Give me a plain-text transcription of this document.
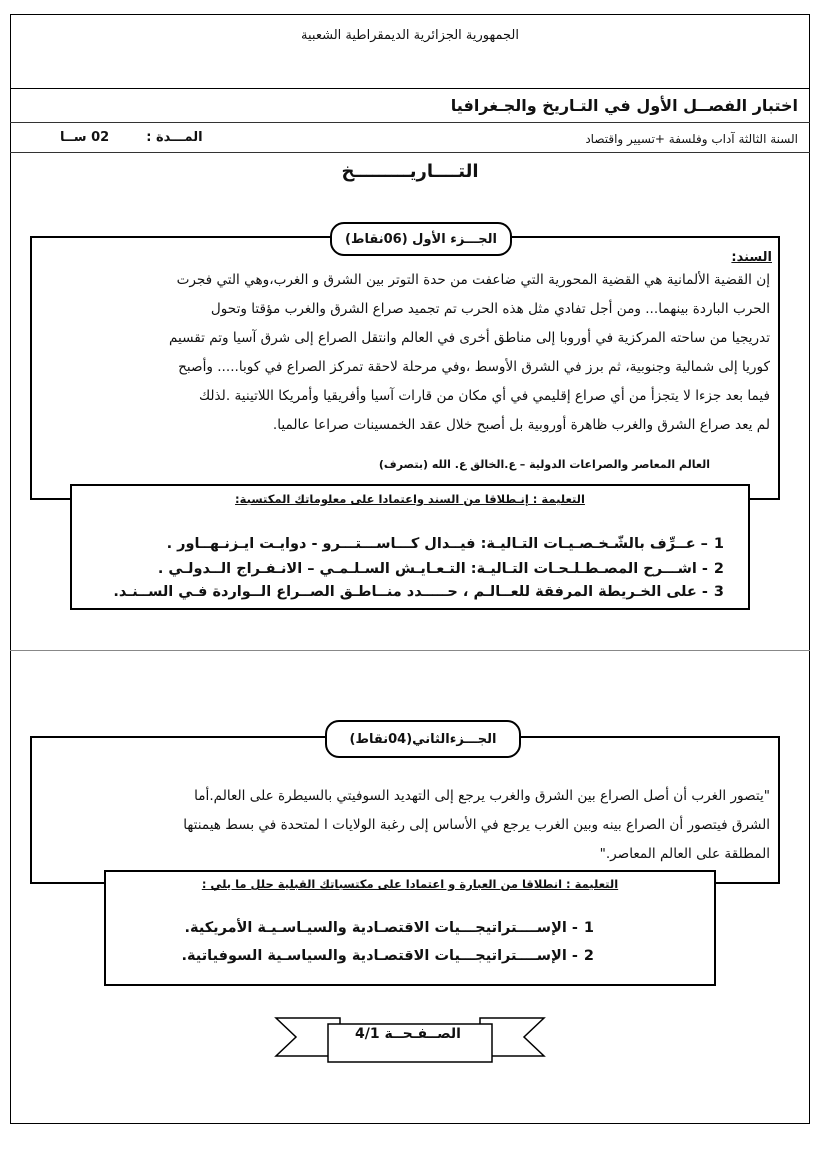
الجمهورية الجزائرية الديمقراطية الشعبية
اختبار الفصــل الأول في التـاريخ والجـغرافيا
السنة الثالثة آداب وفلسفة +تسيير واقتصاد
المـــدة :  02 ســا
التــــاريـــــــــخ
الجـــزء الأول (06نقاط)
السند:
إن القضية الألمانية هي القضية المحورية التي ضاعفت من حدة التوتر بين الشرق و الغرب،وهي التي فجرت
الحرب الباردة بينهما... ومن أجل تفادي مثل هذه الحرب تم تجميد صراع الشرق والغرب مؤقتا وتحول
تدريجيا من ساحته المركزية في أوروبا إلى مناطق أخرى في العالم وانتقل الصراع إلى شرق آسيا وتم تقسيم
كوريا إلى شمالية وجنوبية، ثم برز في الشرق الأوسط ،وفي مرحلة لاحقة تمركز الصراع في كوبا..... وأصبح
فيما بعد جزءا لا يتجزأ من أي صراع إقليمي في أي مكان من قارات آسيا وأفريقيا وأمريكا اللاتينية .لذلك
لم يعد صراع الشرق والغرب ظاهرة أوروبية بل أصبح خلال عقد الخمسينات صراعا عالميا.
العالم المعاصر والصراعات الدولية – ع.الخالق ع. الله (بتصرف)
التعليمة : إنـطلاقا من السند واعتمادا على معلوماتك المكتسبة:
1– عــرِّف بالشّـخـصـيـات التـاليـة: فيــدال كـــاســـتـــرو - دوايـت ايـزنـهــاور .
2- اشـــرح المصـطـلـحـات التـاليـة: التـعـايـش السـلـمـي – الانـفـراج الــدولـي .
3- على الخـريطة المرفقة للعــالـم ، حـــــدد منــاطـق الصــراع الــواردة فـي الســنـد.
الجـــزءالثاني(04نقاط)
"يتصور الغرب أن أصل الصراع بين الشرق والغرب يرجع إلى التهديد السوفيتي بالسيطرة على العالم.أما
الشرق فيتصور أن الصراع بينه وبين الغرب يرجع في الأساس إلى رغبة الولايات ا لمتحدة في بسط هيمنتها
المطلقة على العالم المعاصر."
التعليمة : انطلاقا من العبارة و اعتمادا على مكتسباتك القبلية حلل ما يلي :
1- الإســــتراتيجـــيات الاقتصـادية والسيـاسـيـة الأمريكية.
2- الإســــتراتيجـــيات الاقتصـادية والسياسـية السوفياتية.
الصــفـحــة 4/1
